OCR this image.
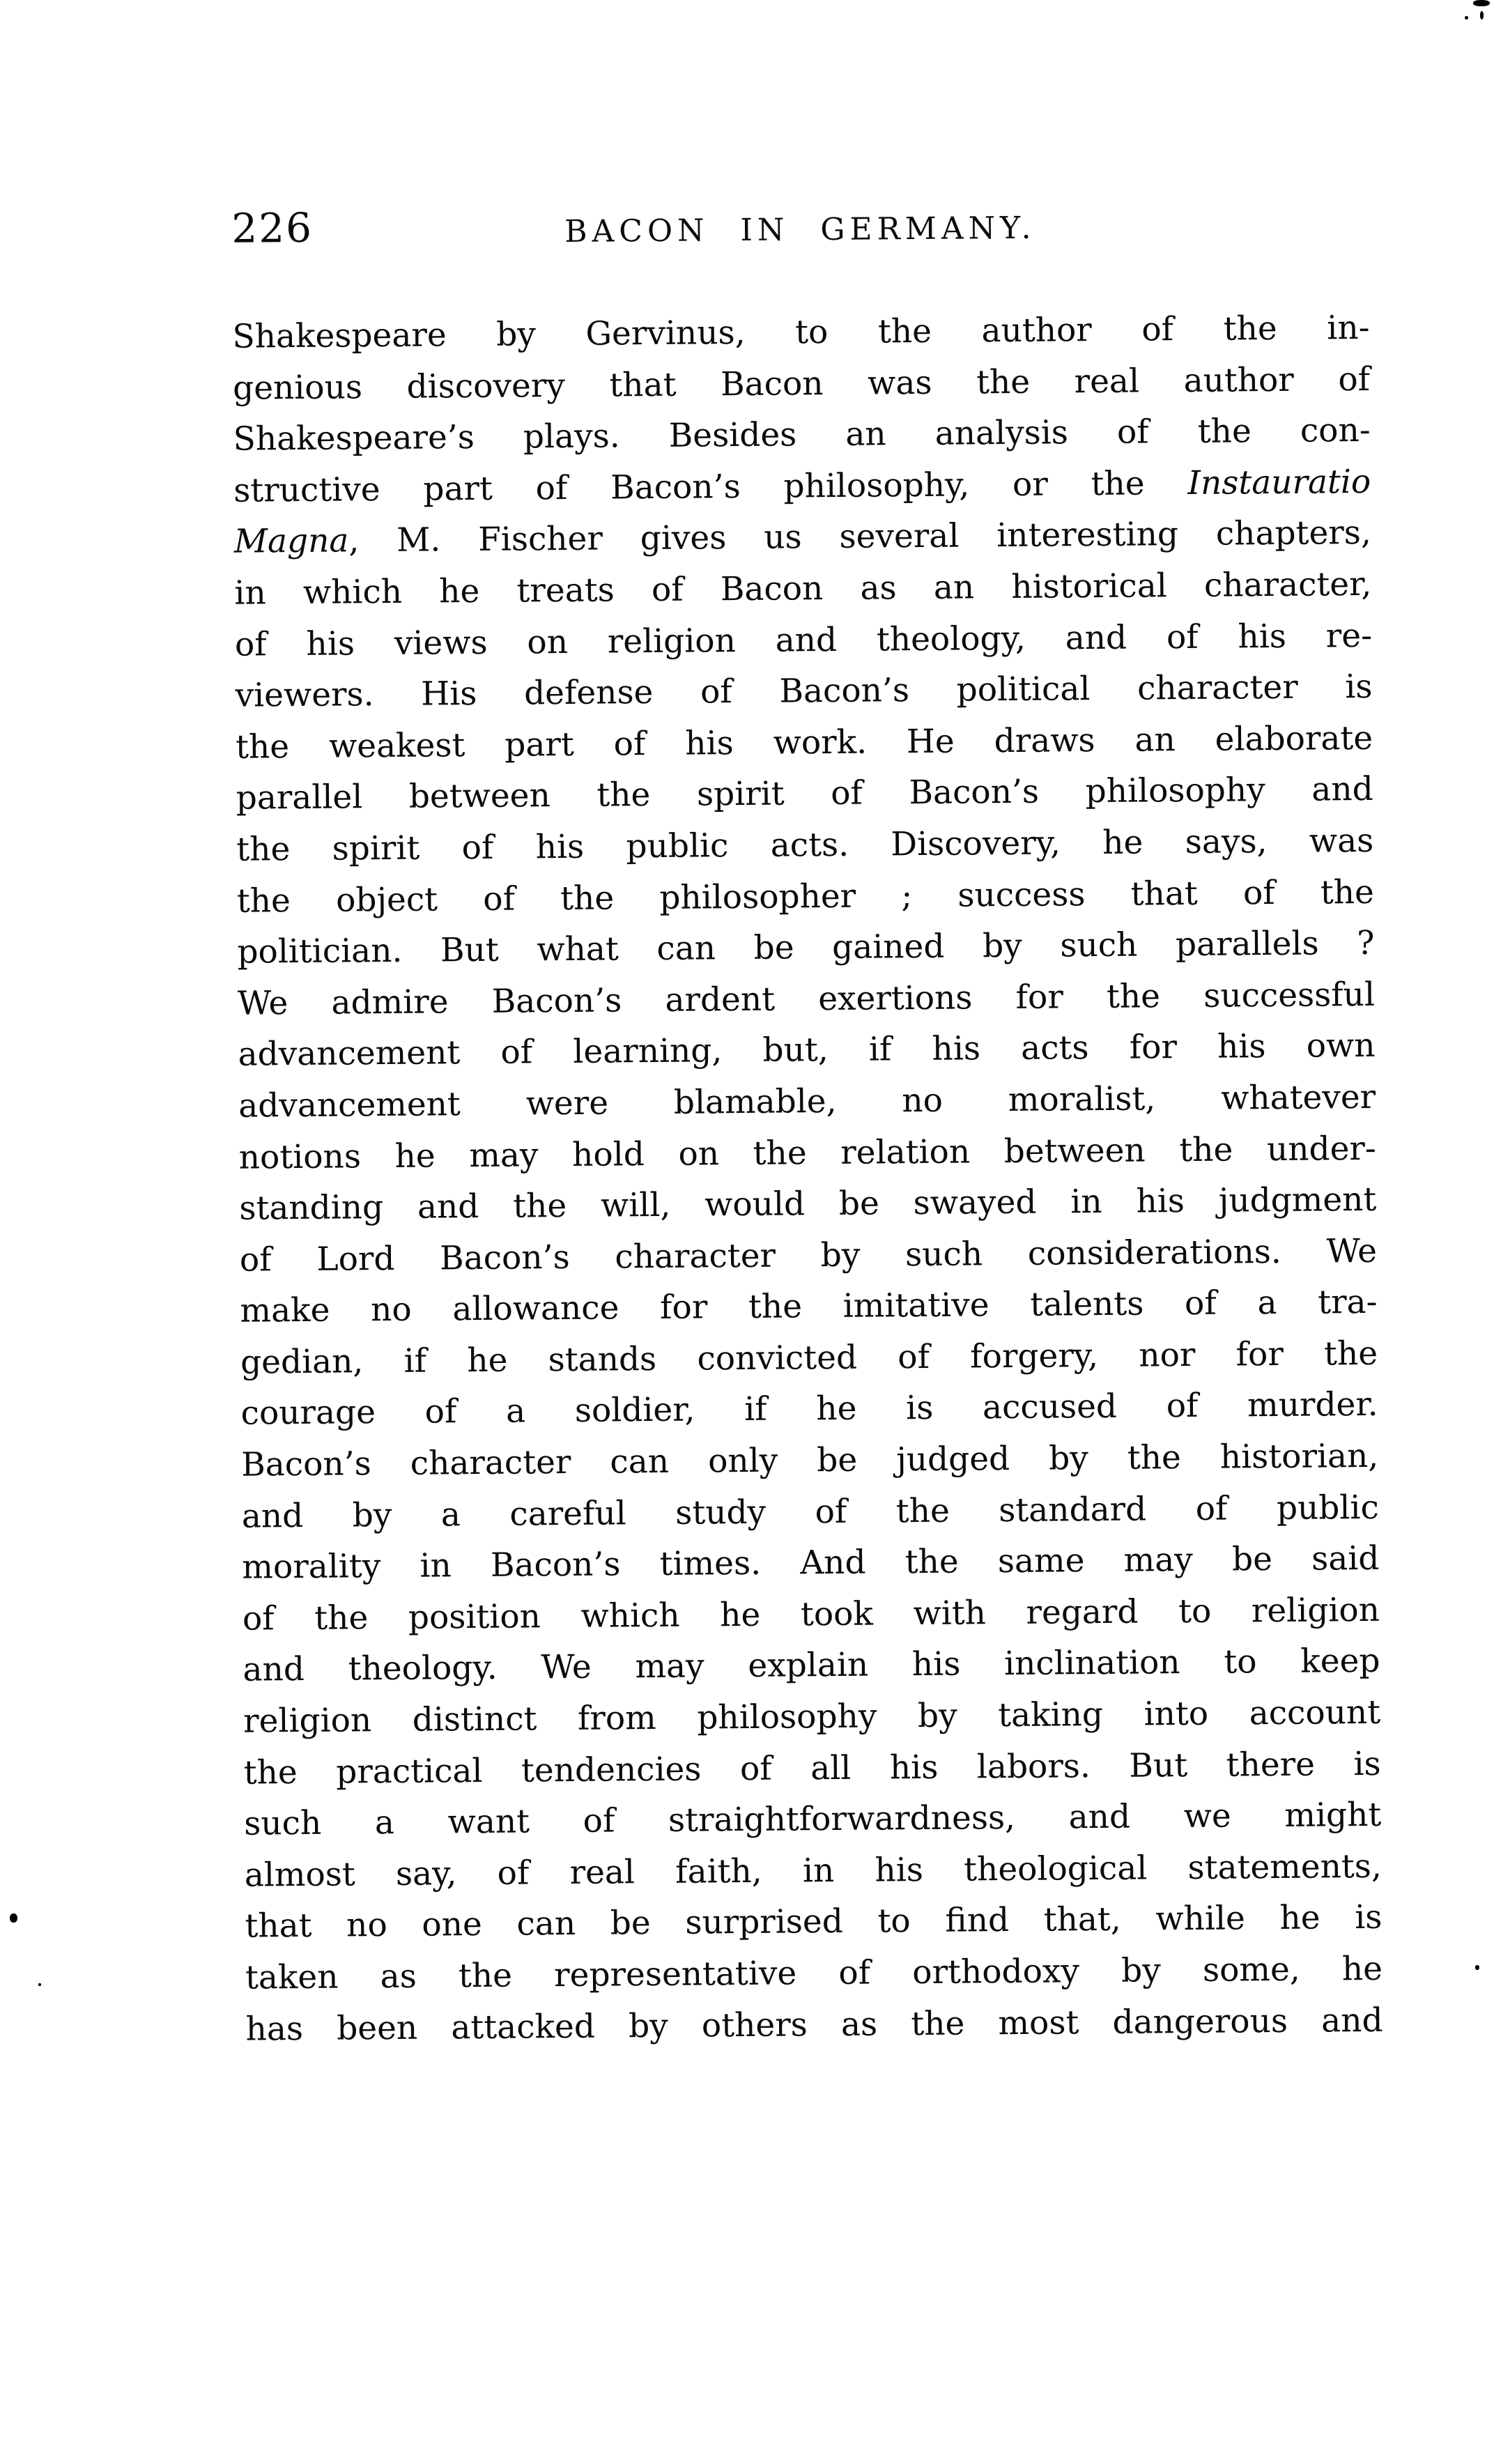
226	BACON IN GERMANY.
Shakespeare by Gervinus, to the author of the in-
genious discovery that Bacon was the real author of
Shakespeare’s plays. Besides an analysis of the con-
structive part of Bacon’s philosophy, or the Instauratio
Magna, M. Fischer gives us several interesting chapters,
in which he treats of Bacon as an historical character,
of his views on religion and theology, and of his re-
viewers. His defense of Bacon’s political character is
the weakest part of his work. He draws an elaborate
parallel between the spirit of Bacon’s philosophy and
the spirit of his public acts. Discovery, he says, was
the object of the philosopher ; success that of the
politician. But what can be gained by such parallels ?
We admire Bacon’s ardent exertions for the successful
advancement of learning, but, if his acts for his own
advancement were blamable, no moralist, whatever
notions he may hold on the relation between the under-
standing and the will, would be swayed in his judgment
of Lord Bacon’s character by such considerations. We
make no allowance for the imitative talents of a tra-
gedian, if he stands convicted of forgery, nor for the
courage of a soldier, if he is accused of murder.
Bacon’s character can only be judged by the historian,
and by a careful study of the standard of public
morality in Bacon’s times. And the same may be said
of the position which he took with regard to religion
and theology. We may explain his inclination to keep
religion distinct from philosophy by taking into account
the practical tendencies of all his labors. But there is
such a want of straightforwardness, and we might
almost say, of real faith, in his theological statements,
that no one can be surprised to find that, while he is
taken as the representative of orthodoxy by some, he
has been attacked by others as the most dangerous and
